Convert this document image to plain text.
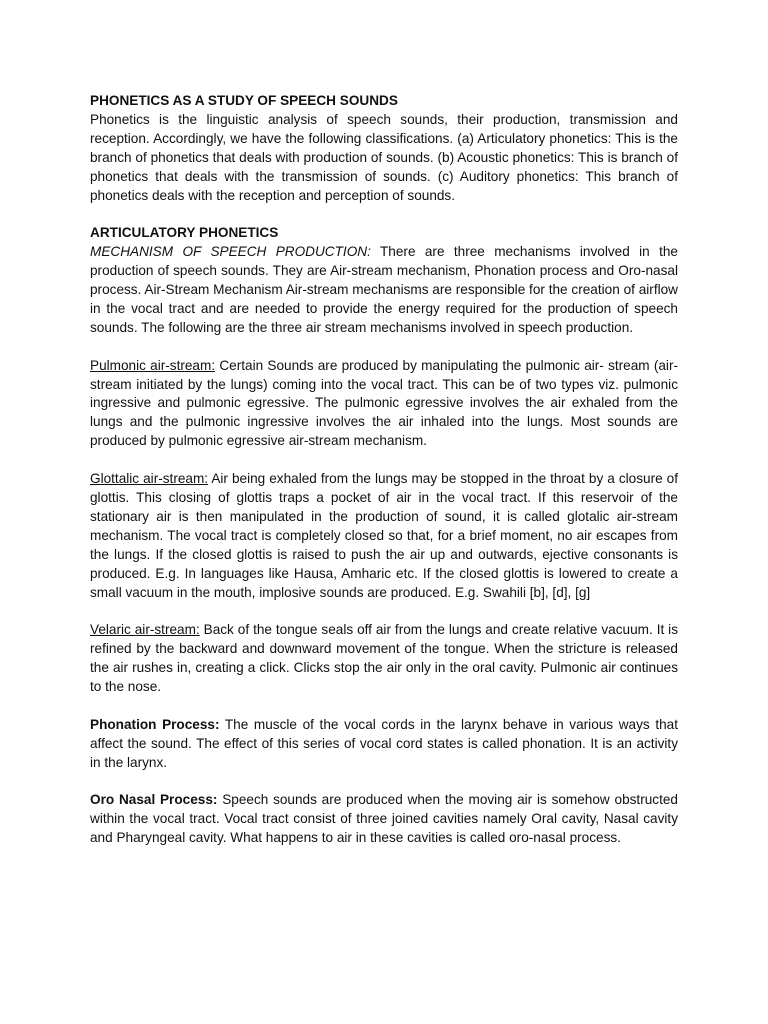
PHONETICS AS A STUDY OF SPEECH SOUNDS

Phonetics is the linguistic analysis of speech sounds, their production, transmission and reception. Accordingly, we have the following classifications. (a) Articulatory phonetics: This is the branch of phonetics that deals with production of sounds. (b) Acoustic phonetics: This is branch of phonetics that deals with the transmission of sounds. (c) Auditory phonetics: This branch of phonetics deals with the reception and perception of sounds.

ARTICULATORY PHONETICS

MECHANISM OF SPEECH PRODUCTION: There are three mechanisms involved in the production of speech sounds. They are Air-stream mechanism, Phonation process and Oro-nasal process. Air-Stream Mechanism Air-stream mechanisms are responsible for the creation of airflow in the vocal tract and are needed to provide the energy required for the production of speech sounds. The following are the three air stream mechanisms involved in speech production.

Pulmonic air-stream: Certain Sounds are produced by manipulating the pulmonic air- stream (air-stream initiated by the lungs) coming into the vocal tract. This can be of two types viz. pulmonic ingressive and pulmonic egressive. The pulmonic egressive involves the air exhaled from the lungs and the pulmonic ingressive involves the air inhaled into the lungs. Most sounds are produced by pulmonic egressive air-stream mechanism.

Glottalic air-stream: Air being exhaled from the lungs may be stopped in the throat by a closure of glottis. This closing of glottis traps a pocket of air in the vocal tract. If this reservoir of the stationary air is then manipulated in the production of sound, it is called glotalic air-stream mechanism. The vocal tract is completely closed so that, for a brief moment, no air escapes from the lungs. If the closed glottis is raised to push the air up and outwards, ejective consonants is produced. E.g. In languages like Hausa, Amharic etc. If the closed glottis is lowered to create a small vacuum in the mouth, implosive sounds are produced. E.g. Swahili [b], [d], [g]

Velaric air-stream: Back of the tongue seals off air from the lungs and create relative vacuum. It is refined by the backward and downward movement of the tongue. When the stricture is released the air rushes in, creating a click. Clicks stop the air only in the oral cavity. Pulmonic air continues to the nose.

Phonation Process: The muscle of the vocal cords in the larynx behave in various ways that affect the sound. The effect of this series of vocal cord states is called phonation. It is an activity in the larynx.

Oro Nasal Process: Speech sounds are produced when the moving air is somehow obstructed within the vocal tract. Vocal tract consist of three joined cavities namely Oral cavity, Nasal cavity and Pharyngeal cavity. What happens to air in these cavities is called oro-nasal process.
